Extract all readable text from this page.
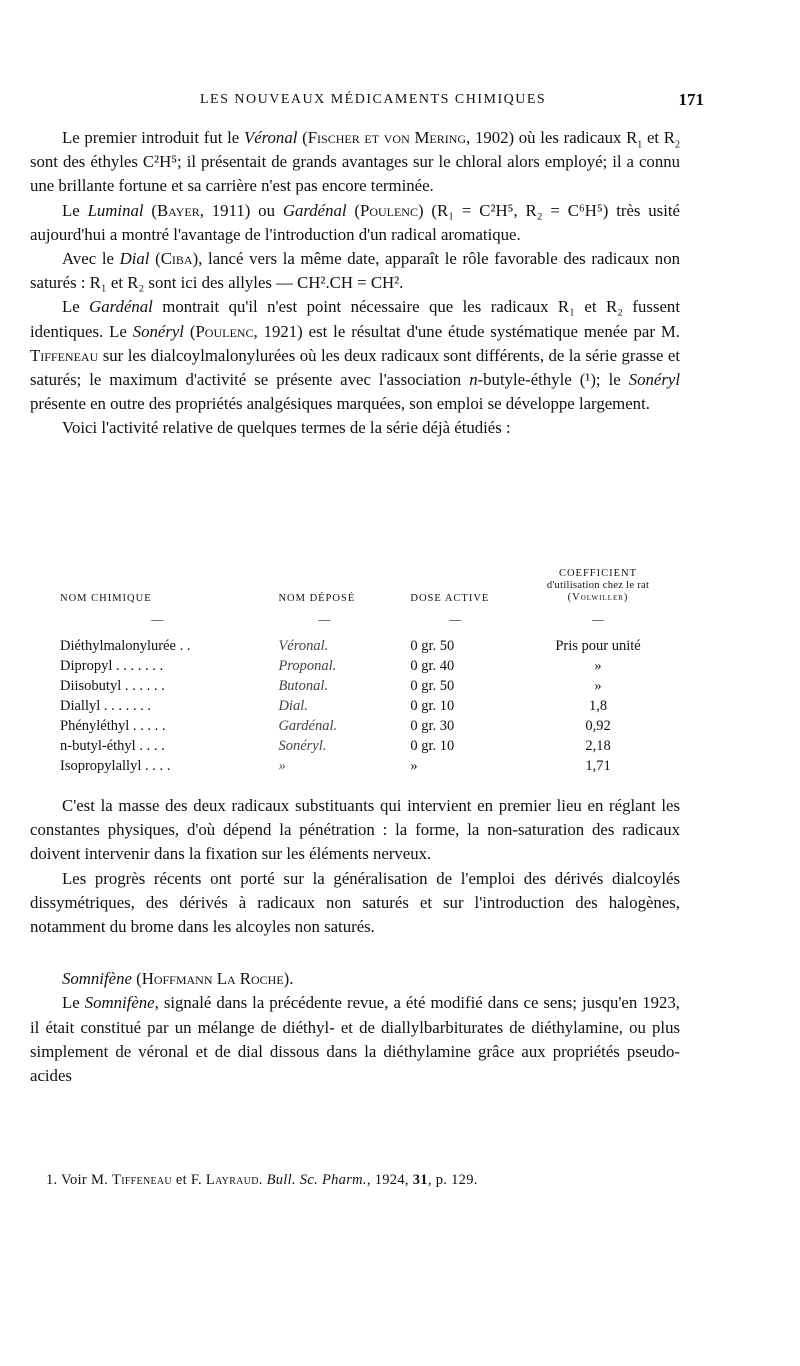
LES NOUVEAUX MÉDICAMENTS CHIMIQUES	171

Le premier introduit fut le Véronal (Fischer et von Mering, 1902) où les radicaux $R_1$ et $R_2$ sont des éthyles C²H⁵; il présentait de grands avantages sur le chloral alors employé; il a connu une brillante fortune et sa carrière n'est pas encore terminée.

Le Luminal (Bayer, 1911) ou Gardénal (Poulenc) (R₁ = C²H⁵, R₂ = C⁶H⁵) très usité aujourd'hui a montré l'avantage de l'introduction d'un radical aromatique.

Avec le Dial (Ciba), lancé vers la même date, apparaît le rôle favorable des radicaux non saturés : R₁ et R₂ sont ici des allyles — CH².CH = CH².

Le Gardénal montrait qu'il n'est point nécessaire que les radicaux R₁ et R₂ fussent identiques. Le Sonéryl (Poulenc, 1921) est le résultat d'une étude systématique menée par M. Tiffeneau sur les dialcoylmalonylurées où les deux radicaux sont différents, de la série grasse et saturés; le maximum d'activité se présente avec l'association n-butyle-éthyle (¹); le Sonéryl présente en outre des propriétés analgésiques marquées, son emploi se développe largement.

Voici l'activité relative de quelques termes de la série déjà étudiés :

NOM CHIMIQUE	NOM DÉPOSÉ	DOSE ACTIVE	COEFFICIENT
d'utilisation chez le rat
(Volwiller)

—	—	—	—
Diéthylmalonylurée . .	Véronal.	0 gr. 50	Pris pour unité
Dipropyl . . . . . . .	Proponal.	0 gr. 40	»
Diisobutyl . . . . . .	Butonal.	0 gr. 50	»
Diallyl . . . . . . .	Dial.	0 gr. 10	1,8
Phényléthyl . . . . .	Gardénal.	0 gr. 30	0,92
n-butyl-éthyl . . . .	Sonéryl.	0 gr. 10	2,18
Isopropylallyl . . . .	»	»	1,71

C'est la masse des deux radicaux substituants qui intervient en premier lieu en réglant les constantes physiques, d'où dépend la pénétration : la forme, la non-saturation des radicaux doivent intervenir dans la fixation sur les éléments nerveux.

Les progrès récents ont porté sur la généralisation de l'emploi des dérivés dialcoylés dissymétriques, des dérivés à radicaux non saturés et sur l'introduction des halogènes, notamment du brome dans les alcoyles non saturés.

Somnifène (Hoffmann La Roche).

Le Somnifène, signalé dans la précédente revue, a été modifié dans ce sens; jusqu'en 1923, il était constitué par un mélange de diéthyl- et de diallylbarbiturates de diéthylamine, ou plus simplement de véronal et de dial dissous dans la diéthylamine grâce aux propriétés pseudo-acides

1. Voir M. Tiffeneau et F. Layraud. Bull. Sc. Pharm., 1924, 31, p. 129.
